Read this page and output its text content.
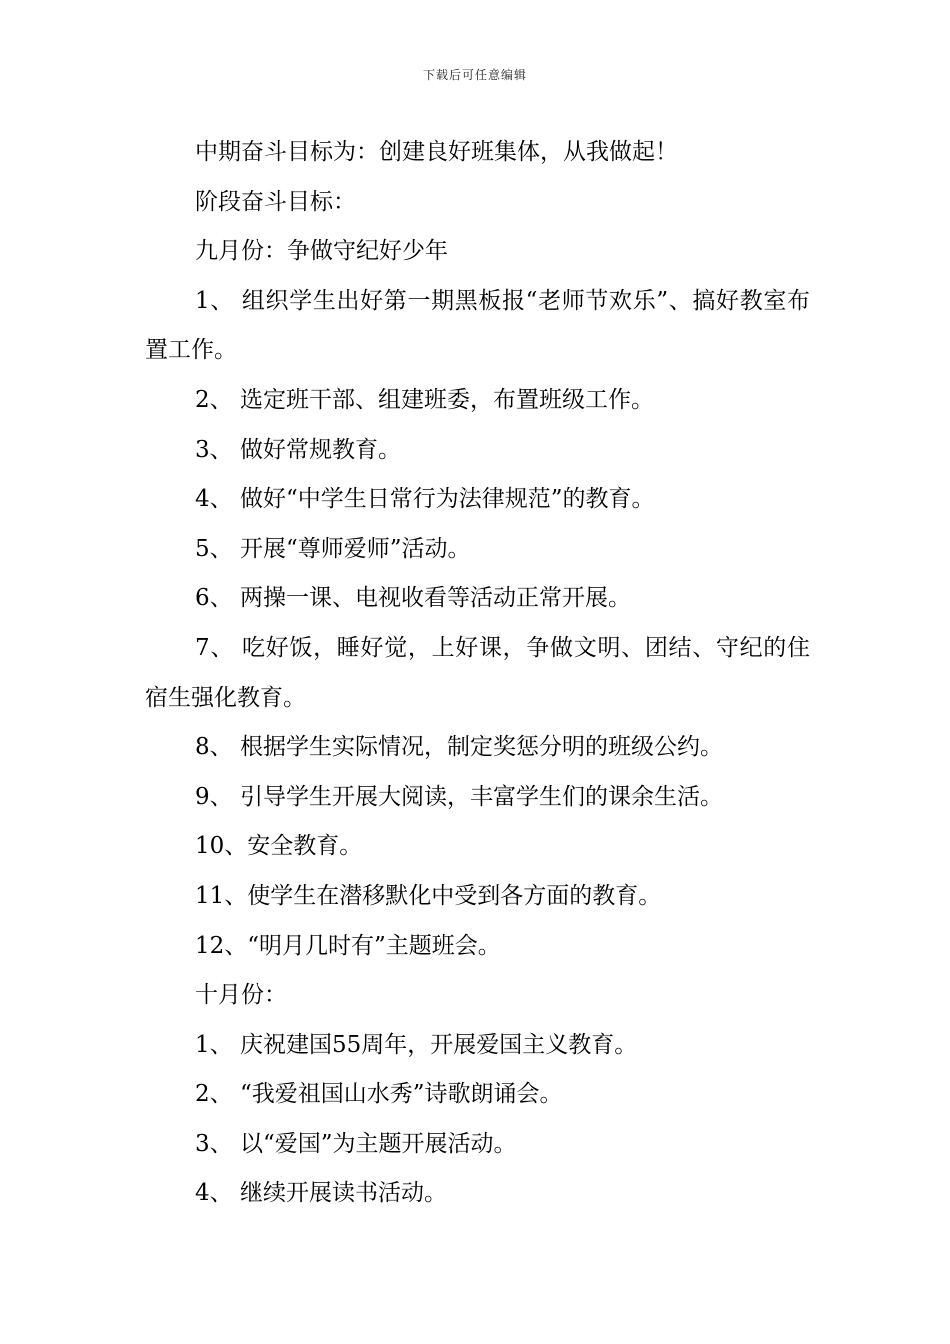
下载后可任意编辑
中期奋斗目标为：创建良好班集体，从我做起！
阶段奋斗目标：
九月份：争做守纪好少年
1、 组织学生出好第一期黑板报“老师节欢乐”、搞好教室布置工作。
2、 选定班干部、组建班委，布置班级工作。
3、 做好常规教育。
4、 做好“中学生日常行为法律规范”的教育。
5、 开展“尊师爱师”活动。
6、 两操一课、电视收看等活动正常开展。
7、 吃好饭，睡好觉，上好课，争做文明、团结、守纪的住宿生强化教育。
8、 根据学生实际情况，制定奖惩分明的班级公约。
9、 引导学生开展大阅读，丰富学生们的课余生活。
10、安全教育。
11、使学生在潜移默化中受到各方面的教育。
12、“明月几时有”主题班会。
十月份：
1、 庆祝建国55周年，开展爱国主义教育。
2、 “我爱祖国山水秀”诗歌朗诵会。
3、 以“爱国”为主题开展活动。
4、 继续开展读书活动。
